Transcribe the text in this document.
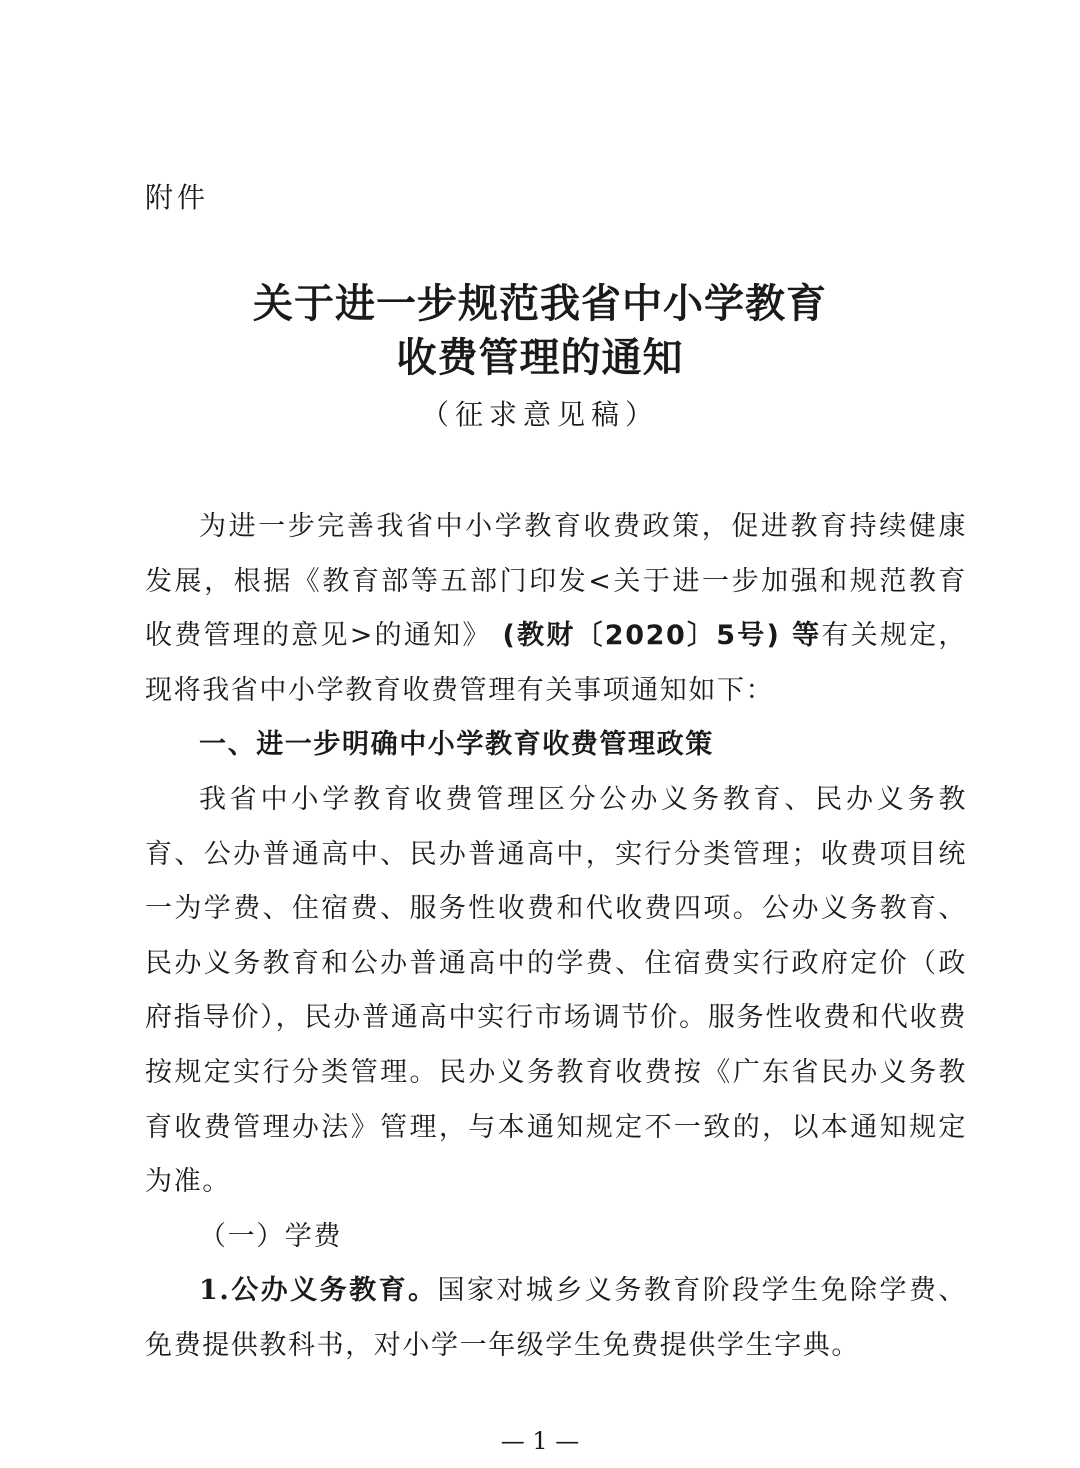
附件
关于进一步规范我省中小学教育
收费管理的通知
（征求意见稿）

为进一步完善我省中小学教育收费政策，促进教育持续健康发展，根据《教育部等五部门印发<关于进一步加强和规范教育收费管理的意见>的通知》 (教财〔2020〕5号) 等有关规定，现将我省中小学教育收费管理有关事项通知如下：

一、进一步明确中小学教育收费管理政策

我省中小学教育收费管理区分公办义务教育、民办义务教育、公办普通高中、民办普通高中，实行分类管理；收费项目统一为学费、住宿费、服务性收费和代收费四项。公办义务教育、民办义务教育和公办普通高中的学费、住宿费实行政府定价（政府指导价），民办普通高中实行市场调节价。服务性收费和代收费按规定实行分类管理。民办义务教育收费按《广东省民办义务教育收费管理办法》管理，与本通知规定不一致的，以本通知规定为准。

（一）学费

1.公办义务教育。国家对城乡义务教育阶段学生免除学费、免费提供教科书，对小学一年级学生免费提供学生字典。

— 1 —
